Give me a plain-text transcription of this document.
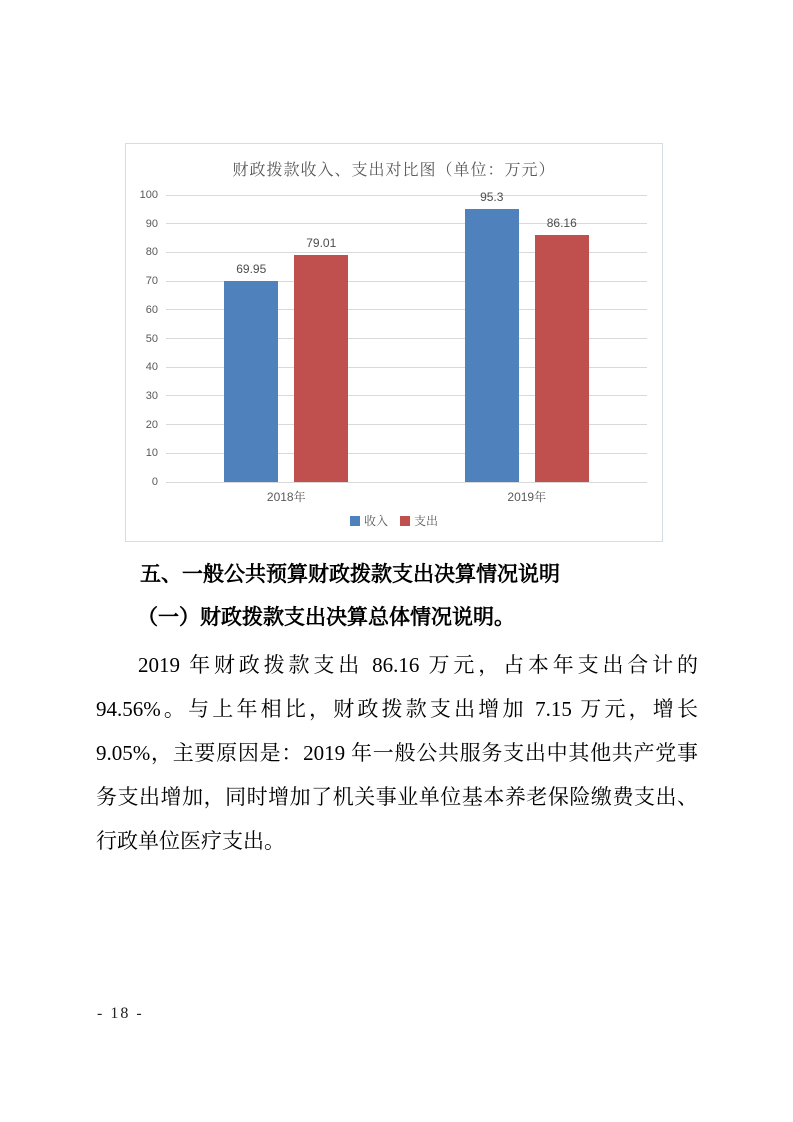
财政拨款收入、支出对比图（单位：万元）
0
10
20
30
40
50
60
70
80
90
100
69.95
79.01
95.3
86.16
2018年	2019年
收入 支出
五、一般公共预算财政拨款支出决算情况说明
（一）财政拨款支出决算总体情况说明。

2019 年财政拨款支出 86.16 万元，占本年支出合计的 94.56%。与上年相比，财政拨款支出增加 7.15 万元，增长 9.05%，主要原因是：2019 年一般公共服务支出中其他共产党事务支出增加，同时增加了机关事业单位基本养老保险缴费支出、行政单位医疗支出。

- 18 -
